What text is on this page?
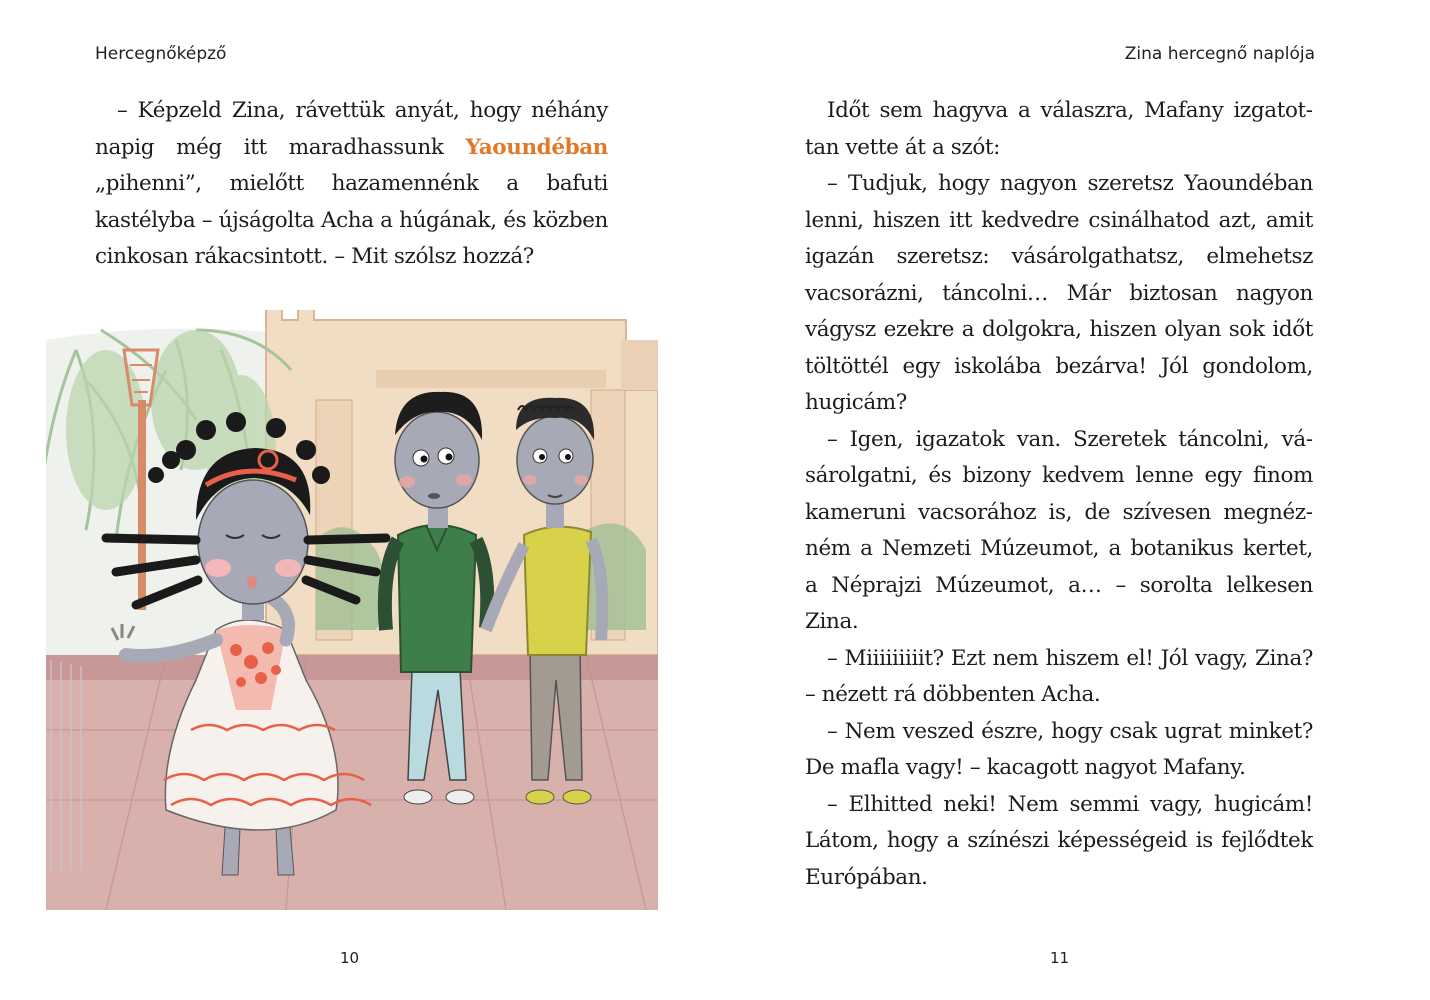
Hercegnőképző

– Képzeld Zina, rávettük anyát, hogy néhány napig még itt maradhassunk Yaoundéban „pihenni”, mielőtt hazamennénk a bafuti kastélyba – újságolta Acha a húgának, és közben cinkosan rákacsintott. – Mit szólsz hozzá?

10
Zina hercegnő naplója

Időt sem hagyva a válaszra, Mafany izgatottan vette át a szót:

– Tudjuk, hogy nagyon szeretsz Yaoundéban lenni, hiszen itt kedvedre csinálhatod azt, amit igazán szeretsz: vásárolgathatsz, elmehetsz vacsorázni, táncolni… Már biztosan nagyon vágysz ezekre a dolgokra, hiszen olyan sok időt töltöttél egy iskolába bezárva! Jól gondolom, hugicám?

– Igen, igazatok van. Szeretek táncolni, vásárolgatni, és bizony kedvem lenne egy finom kameruni vacsorához is, de szívesen megnézném a Nemzeti Múzeumot, a botanikus kertet, a Néprajzi Múzeumot, a… – sorolta lelkesen Zina.

– Miiiiiiiiit? Ezt nem hiszem el! Jól vagy, Zina? – nézett rá döbbenten Acha.

– Nem veszed észre, hogy csak ugrat minket? De mafla vagy! – kacagott nagyot Mafany.

– Elhitted neki! Nem semmi vagy, hugicám! Látom, hogy a színészi képességeid is fejlődtek Európában.

11
